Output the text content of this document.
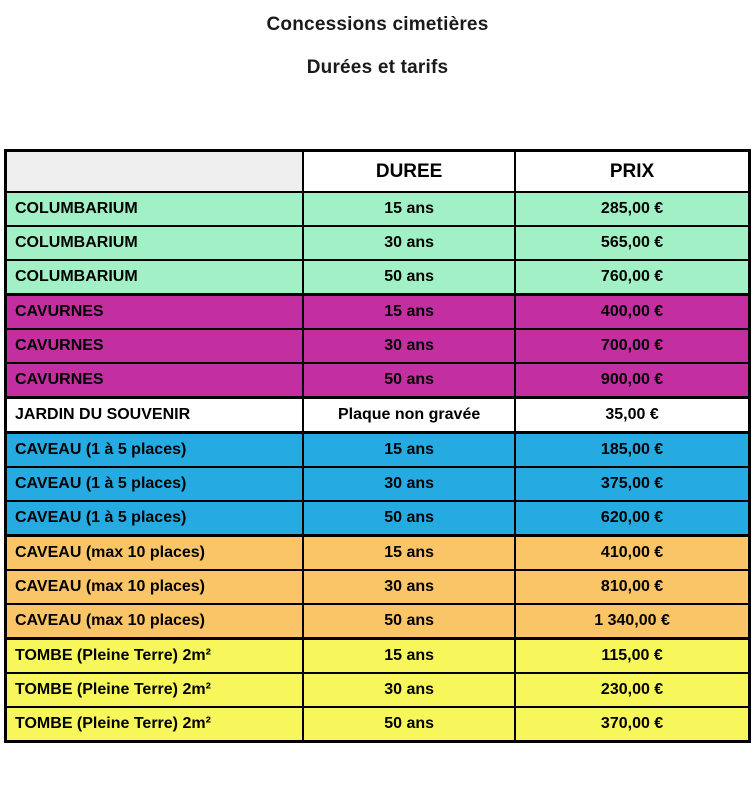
Concessions cimetières

Durées et tarifs

	DUREE	PRIX
COLUMBARIUM	15 ans	285,00 €
COLUMBARIUM	30 ans	565,00 €
COLUMBARIUM	50 ans	760,00 €
CAVURNES	15 ans	400,00 €
CAVURNES	30 ans	700,00 €
CAVURNES	50 ans	900,00 €
JARDIN DU SOUVENIR	Plaque non gravée	35,00 €
CAVEAU (1 à 5 places)	15 ans	185,00 €
CAVEAU (1 à 5 places)	30 ans	375,00 €
CAVEAU (1 à 5 places)	50 ans	620,00 €
CAVEAU (max 10 places)	15 ans	410,00 €
CAVEAU (max 10 places)	30 ans	810,00 €
CAVEAU (max 10 places)	50 ans	1 340,00 €
TOMBE (Pleine Terre) 2m²	15 ans	115,00 €
TOMBE (Pleine Terre) 2m²	30 ans	230,00 €
TOMBE (Pleine Terre) 2m²	50 ans	370,00 €
